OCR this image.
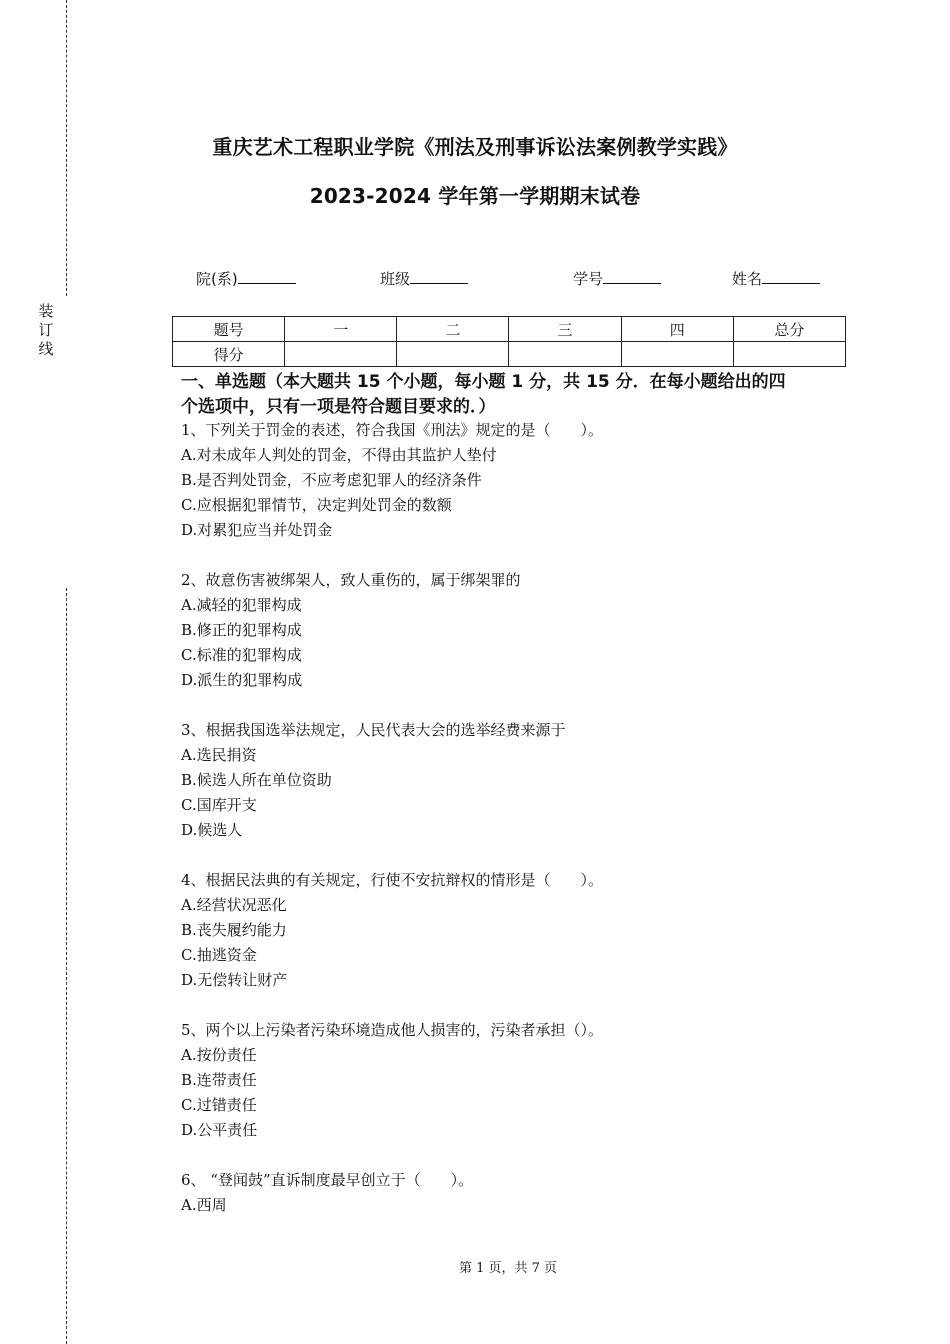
装
订
线
重庆艺术工程职业学院《刑法及刑事诉讼法案例教学实践》
2023-2024 学年第一学期期末试卷
院(系)	班级	学号	姓名
题号	一	二	三	四	总分
得分					
一、单选题（本大题共 15 个小题，每小题 1 分，共 15 分．在每小题给出的四
个选项中，只有一项是符合题目要求的．）
1、下列关于罚金的表述，符合我国《刑法》规定的是（　　）。
A.对未成年人判处的罚金，不得由其监护人垫付
B.是否判处罚金，不应考虑犯罪人的经济条件
C.应根据犯罪情节，决定判处罚金的数额
D.对累犯应当并处罚金
2、故意伤害被绑架人，致人重伤的，属于绑架罪的
A.减轻的犯罪构成
B.修正的犯罪构成
C.标准的犯罪构成
D.派生的犯罪构成
3、根据我国选举法规定，人民代表大会的选举经费来源于
A.选民捐资
B.候选人所在单位资助
C.国库开支
D.候选人
4、根据民法典的有关规定，行使不安抗辩权的情形是（　　）。
A.经营状况恶化
B.丧失履约能力
C.抽逃资金
D.无偿转让财产
5、两个以上污染者污染环境造成他人损害的，污染者承担（）。
A.按份责任
B.连带责任
C.过错责任
D.公平责任
6、 “登闻鼓”直诉制度最早创立于（　　）。
A.西周
第 1 页，共 7 页
